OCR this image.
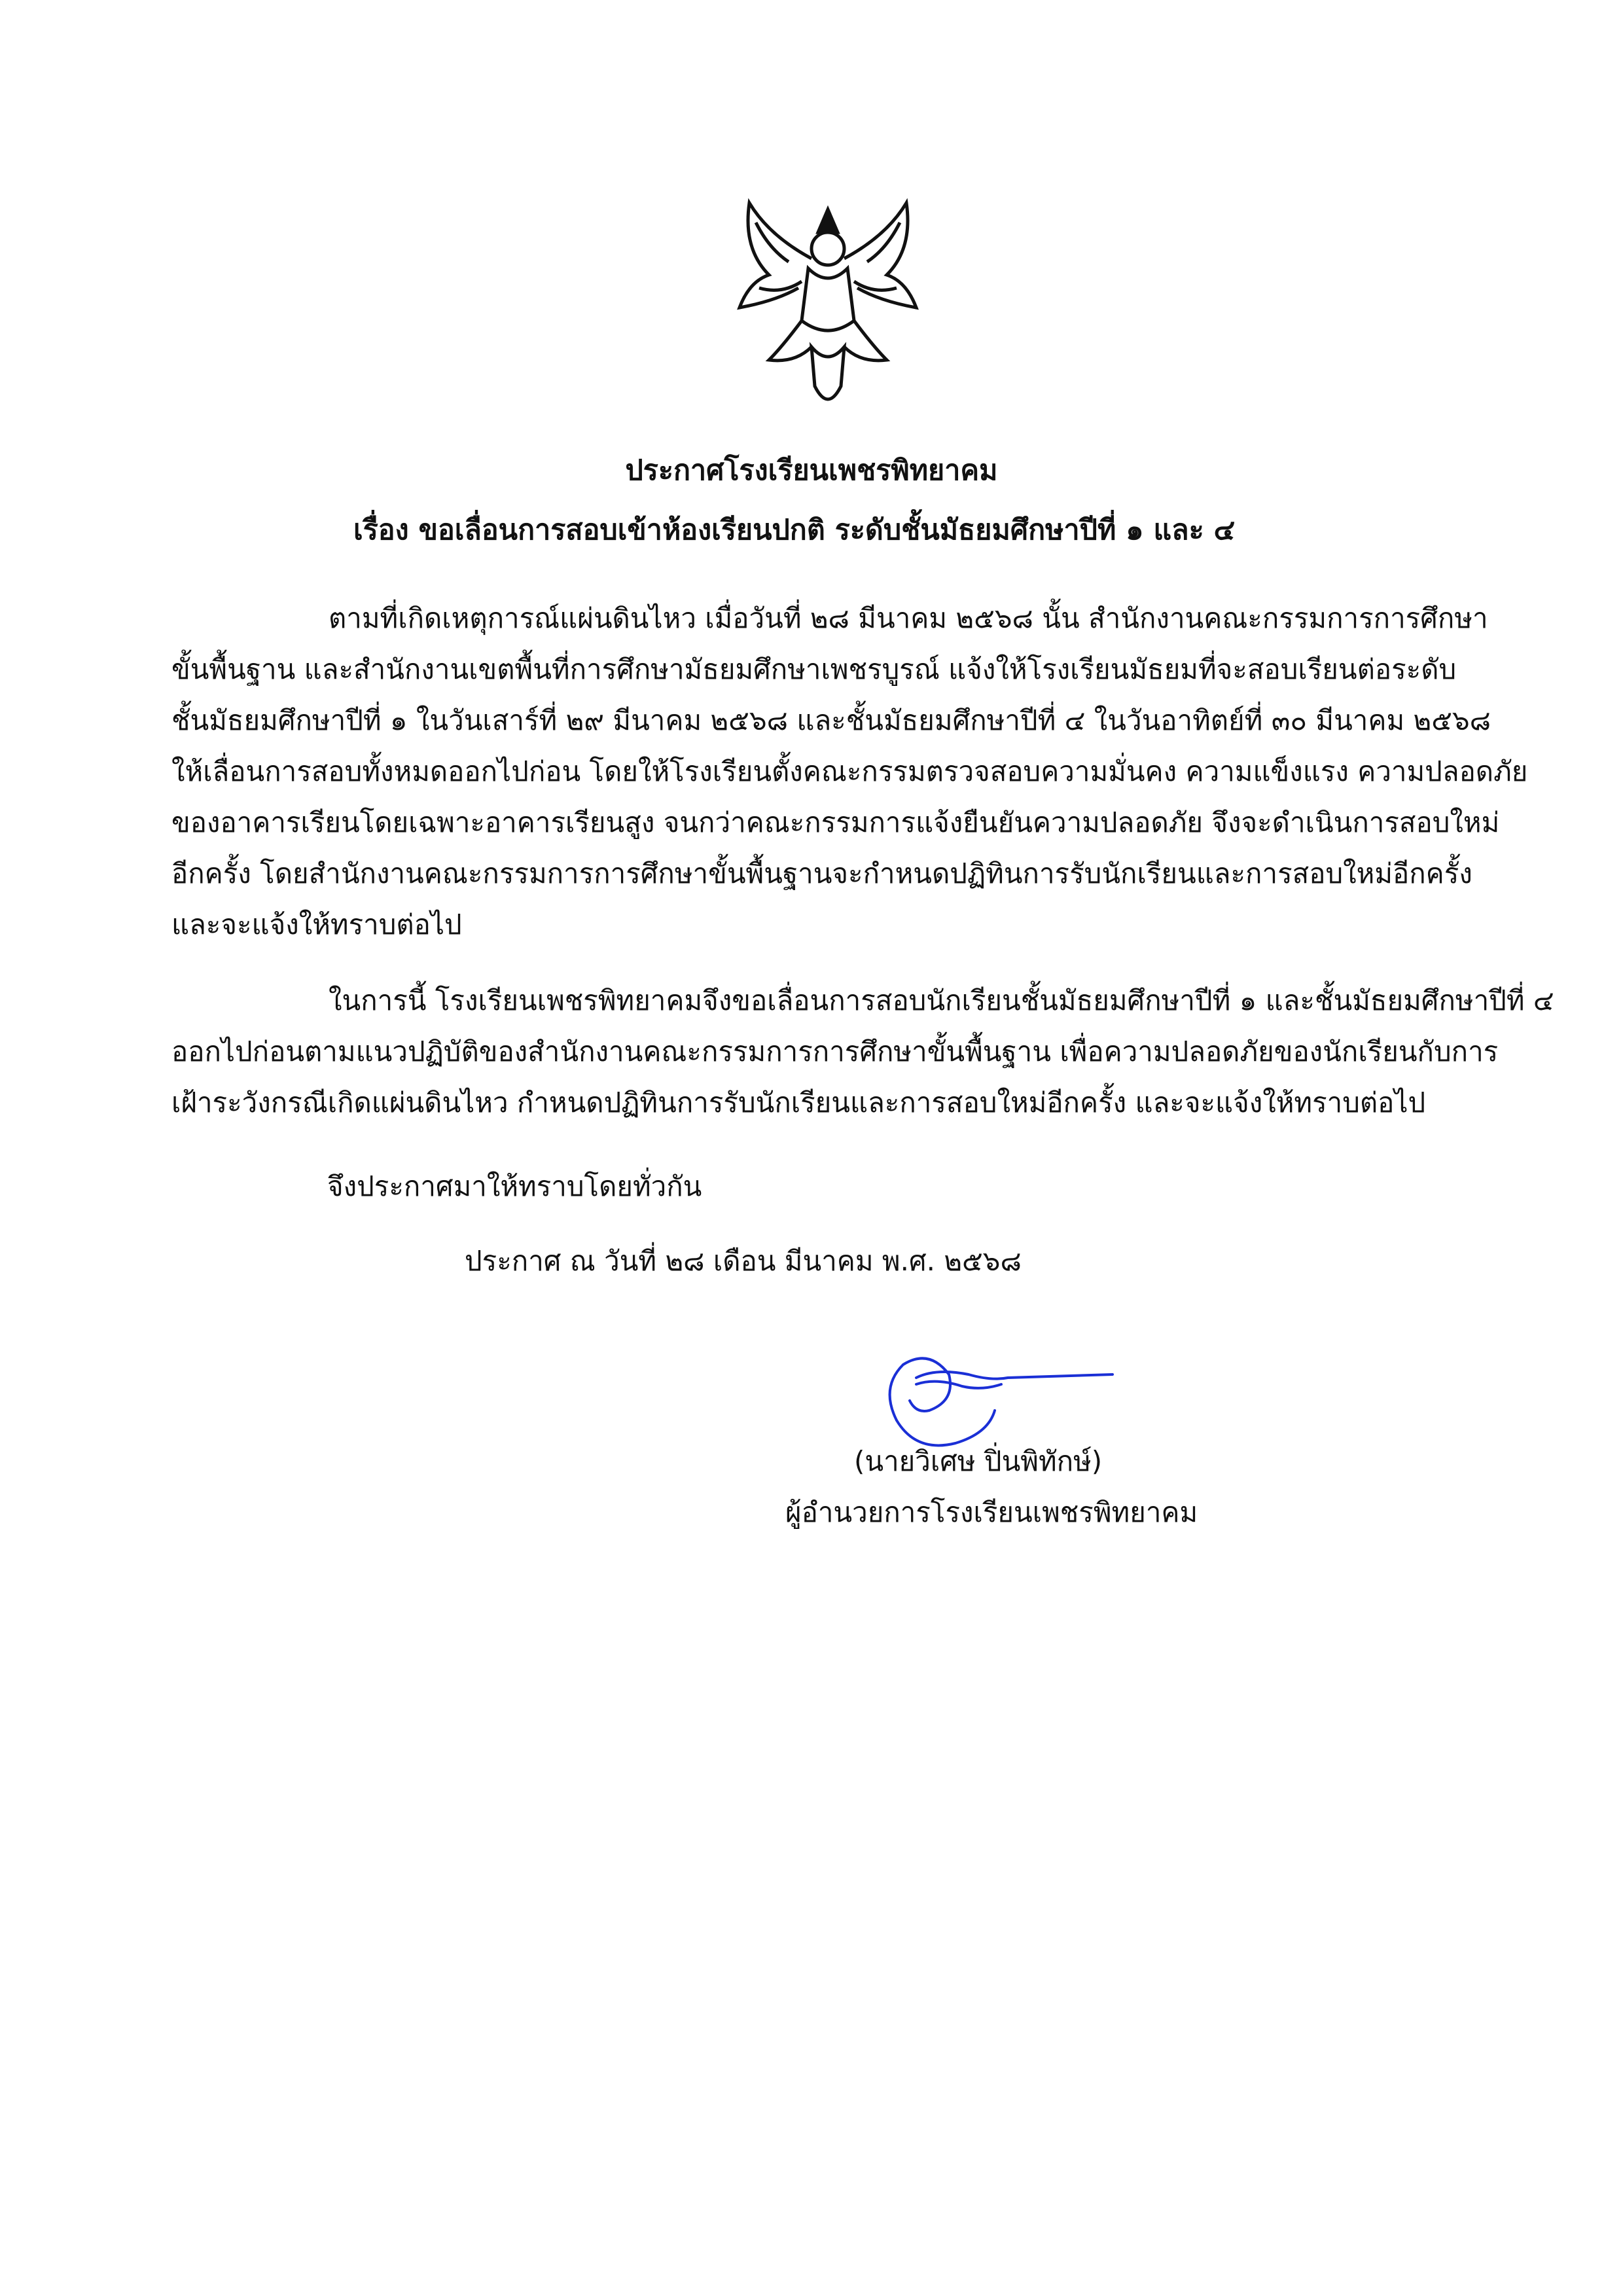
ประกาศโรงเรียนเพชรพิทยาคม
เรื่อง ขอเลื่อนการสอบเข้าห้องเรียนปกติ ระดับชั้นมัธยมศึกษาปีที่ ๑ และ ๔
ตามที่เกิดเหตุการณ์แผ่นดินไหว เมื่อวันที่ ๒๘ มีนาคม ๒๕๖๘ นั้น สำนักงานคณะกรรมการการศึกษา
ขั้นพื้นฐาน และสำนักงานเขตพื้นที่การศึกษามัธยมศึกษาเพชรบูรณ์ แจ้งให้โรงเรียนมัธยมที่จะสอบเรียนต่อระดับ
ชั้นมัธยมศึกษาปีที่ ๑ ในวันเสาร์ที่ ๒๙ มีนาคม ๒๕๖๘ และชั้นมัธยมศึกษาปีที่ ๔ ในวันอาทิตย์ที่ ๓๐ มีนาคม ๒๕๖๘
ให้เลื่อนการสอบทั้งหมดออกไปก่อน โดยให้โรงเรียนตั้งคณะกรรมตรวจสอบความมั่นคง ความแข็งแรง ความปลอดภัย
ของอาคารเรียนโดยเฉพาะอาคารเรียนสูง จนกว่าคณะกรรมการแจ้งยืนยันความปลอดภัย จึงจะดำเนินการสอบใหม่
อีกครั้ง โดยสำนักงานคณะกรรมการการศึกษาขั้นพื้นฐานจะกำหนดปฏิทินการรับนักเรียนและการสอบใหม่อีกครั้ง
และจะแจ้งให้ทราบต่อไป
ในการนี้ โรงเรียนเพชรพิทยาคมจึงขอเลื่อนการสอบนักเรียนชั้นมัธยมศึกษาปีที่ ๑ และชั้นมัธยมศึกษาปีที่ ๔
ออกไปก่อนตามแนวปฏิบัติของสำนักงานคณะกรรมการการศึกษาขั้นพื้นฐาน เพื่อความปลอดภัยของนักเรียนกับการ
เฝ้าระวังกรณีเกิดแผ่นดินไหว กำหนดปฏิทินการรับนักเรียนและการสอบใหม่อีกครั้ง และจะแจ้งให้ทราบต่อไป
จึงประกาศมาให้ทราบโดยทั่วกัน
ประกาศ ณ วันที่ ๒๘ เดือน มีนาคม พ.ศ. ๒๕๖๘
(นายวิเศษ ปิ่นพิทักษ์)
ผู้อำนวยการโรงเรียนเพชรพิทยาคม
